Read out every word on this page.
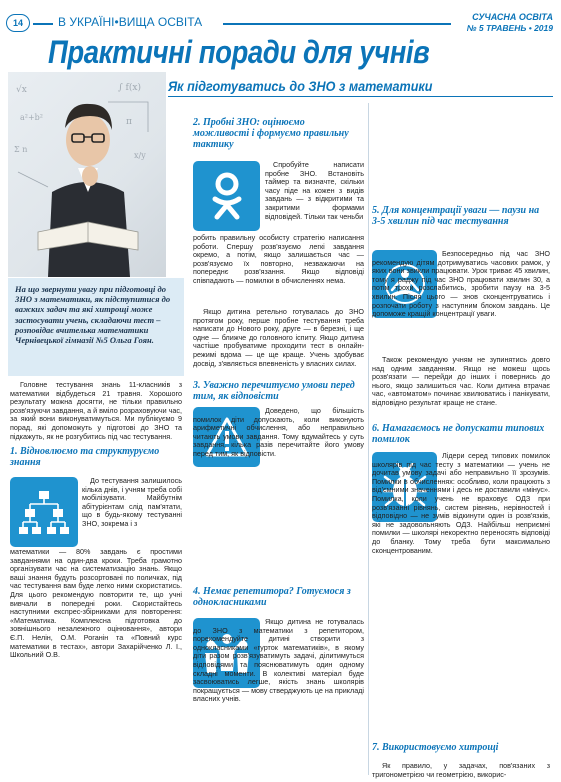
14	В УКРАЇНІ•ВИЩА ОСВІТА	СУЧАСНА ОСВІТА
№ 5 ТРАВЕНЬ • 2019
Практичні поради для учнів
√x	∫ f(x)
a²+b²	π
Σ n
x/y
Як підготуватись до ЗНО з математики
На що звернути увагу при підготовці до ЗНО з математики, як підступитися до важких задач та які хитрощі може застосувати учень, складаючи тест – розповідає вчителька математики Чернівецької гімназії №5 Ольга Гоян.
Головне тестування знань 11-класників з математики відбудеться 21 травня. Хорошого результату можна досягти, не тільки правильно розв'язуючи завдання, а й вміло розраховуючи час, за який вони виконуватимуться. Ми публікуємо 9 порад, які допоможуть у підготові до ЗНО та підкажуть, як не розгубитись під час тестування.
1. Відновлюємо та структуруємо знання
До тестування залишилось кілька днів, і учням треба собі мобілізувати. Майбутнім абітурієнтам слід пам'ятати, що в будь-якому тестуванні ЗНО, зокрема і з
математики — 80% завдань є простими завданнями на один-два кроки. Треба грамотно організувати час на систематизацію знань. Якщо ваші знання будуть розсортовані по поличках, під час тестування вам буде легко ними скористатись. Для цього рекомендую повторити те, що учні вивчали в попередні роки. Скористайтесь наступними експрес-збірниками для повторення: «Математика. Комплексна підготовка до зовнішнього незалежного оцінювання», автори Є.П. Нелін, О.М. Роганін та «Повний курс математики в тестах», автори Захарійченко Л. І., Школьний О.В.
2. Пробні ЗНО: оцінюємо можливості і формуємо правильну тактику
Спробуйте написати пробне ЗНО. Встановіть таймер та визначте, скільки часу піде на кожен з видів завдань — з відкритими та закритими формами відповідей. Тільки так ченьби
робить правильну особисту стратегію написання роботи. Спершу розв'язуємо легкі завдання окремо, а потім, якщо залишається час — розв'язуємо їх повторно, незважаючи на попереднє розв'язання. Якщо відповіді співпадають — помилки в обчисленнях нема.
Якщо дитина ретельно готувалась до ЗНО протягом року, перше пробне тестування треба написати до Нового року, друге — в березні, і ще одне — ближче до головного іспиту. Якщо дитина частіше пробуватиме проходити тест в онлайн-режимі вдома — це ще краще. Учень здобуває досвід, з'являється впевненість у власних силах.
3. Уважно перечитуємо умови перед тим, як відповісти
Доведено, що більшість помилок діти допускають, коли виконують арифметичні обчислення, або неправильно читають умови завдання. Тому вдумайтесь у суть завдання, кілька разів перечитайте його умову перед тим, як відповісти.
4. Немає репетитора? Готуємося з однокласниками
Якщо дитина не готувалась до ЗНО з математики з репетитором, порекомендуйте дитині створити з однокласниками «гурток математиків», в якому діти разом розв'язуватимуть задачі, ділитимуться відповідями та пояснюватимуть один одному складні моменти. В колективі матеріал буде засвоюватись легше, якість знань школярів покращується — мову стверджують це на прикладі власних учнів.
5. Для концентрації уваги — паузи на 3-5 хвилин під час тестування
Безпосередньо під час ЗНО рекомендую дітям дотримуватись часових рамок, у яких вони звикли працювати. Урок триває 45 хвилин, тому я раджу під час ЗНО працювати хвилин 30, а потім трохи розслабитись, зробити паузу на 3-5 хвилин. Після цього — знов сконцентруватись і розпочати роботу з наступним блоком завдань. Це допоможе кращій концентрації уваги.
Також рекомендую учням не зупинятись довго над одним завданням. Якщо не можеш щось розв'язати — перейди до інших і повернись до нього, якщо залишиться час. Коли дитина втрачає час, «автоматом» починає хвилюватись і панікувати, відповідно результат краще не стане.
6. Намагаємось не допускати типових помилок
Лідери серед типових помилок школярів під час тесту з математики — учень не дочитав умову задачі або неправильно її зрозумів. Помилки в обчисленнях: особливо, коли працюють з від'ємними значеннями і десь не доставили «мінус». Помилка, коли учень не враховує ОДЗ при розв'язанні рівнянь, систем рівнянь, нерівностей і відповідно — не зумів відкинути один із розв'язків, які не задовольняють ОДЗ. Найбільш неприємні помилки — школярі некоректно переносять відповіді до бланку. Тому треба бути максимально сконцентрованим.
7. Використовуємо хитрощі
Як правило, у задачах, пов'язаних з тригонометрією чи геометрією, викорис-
